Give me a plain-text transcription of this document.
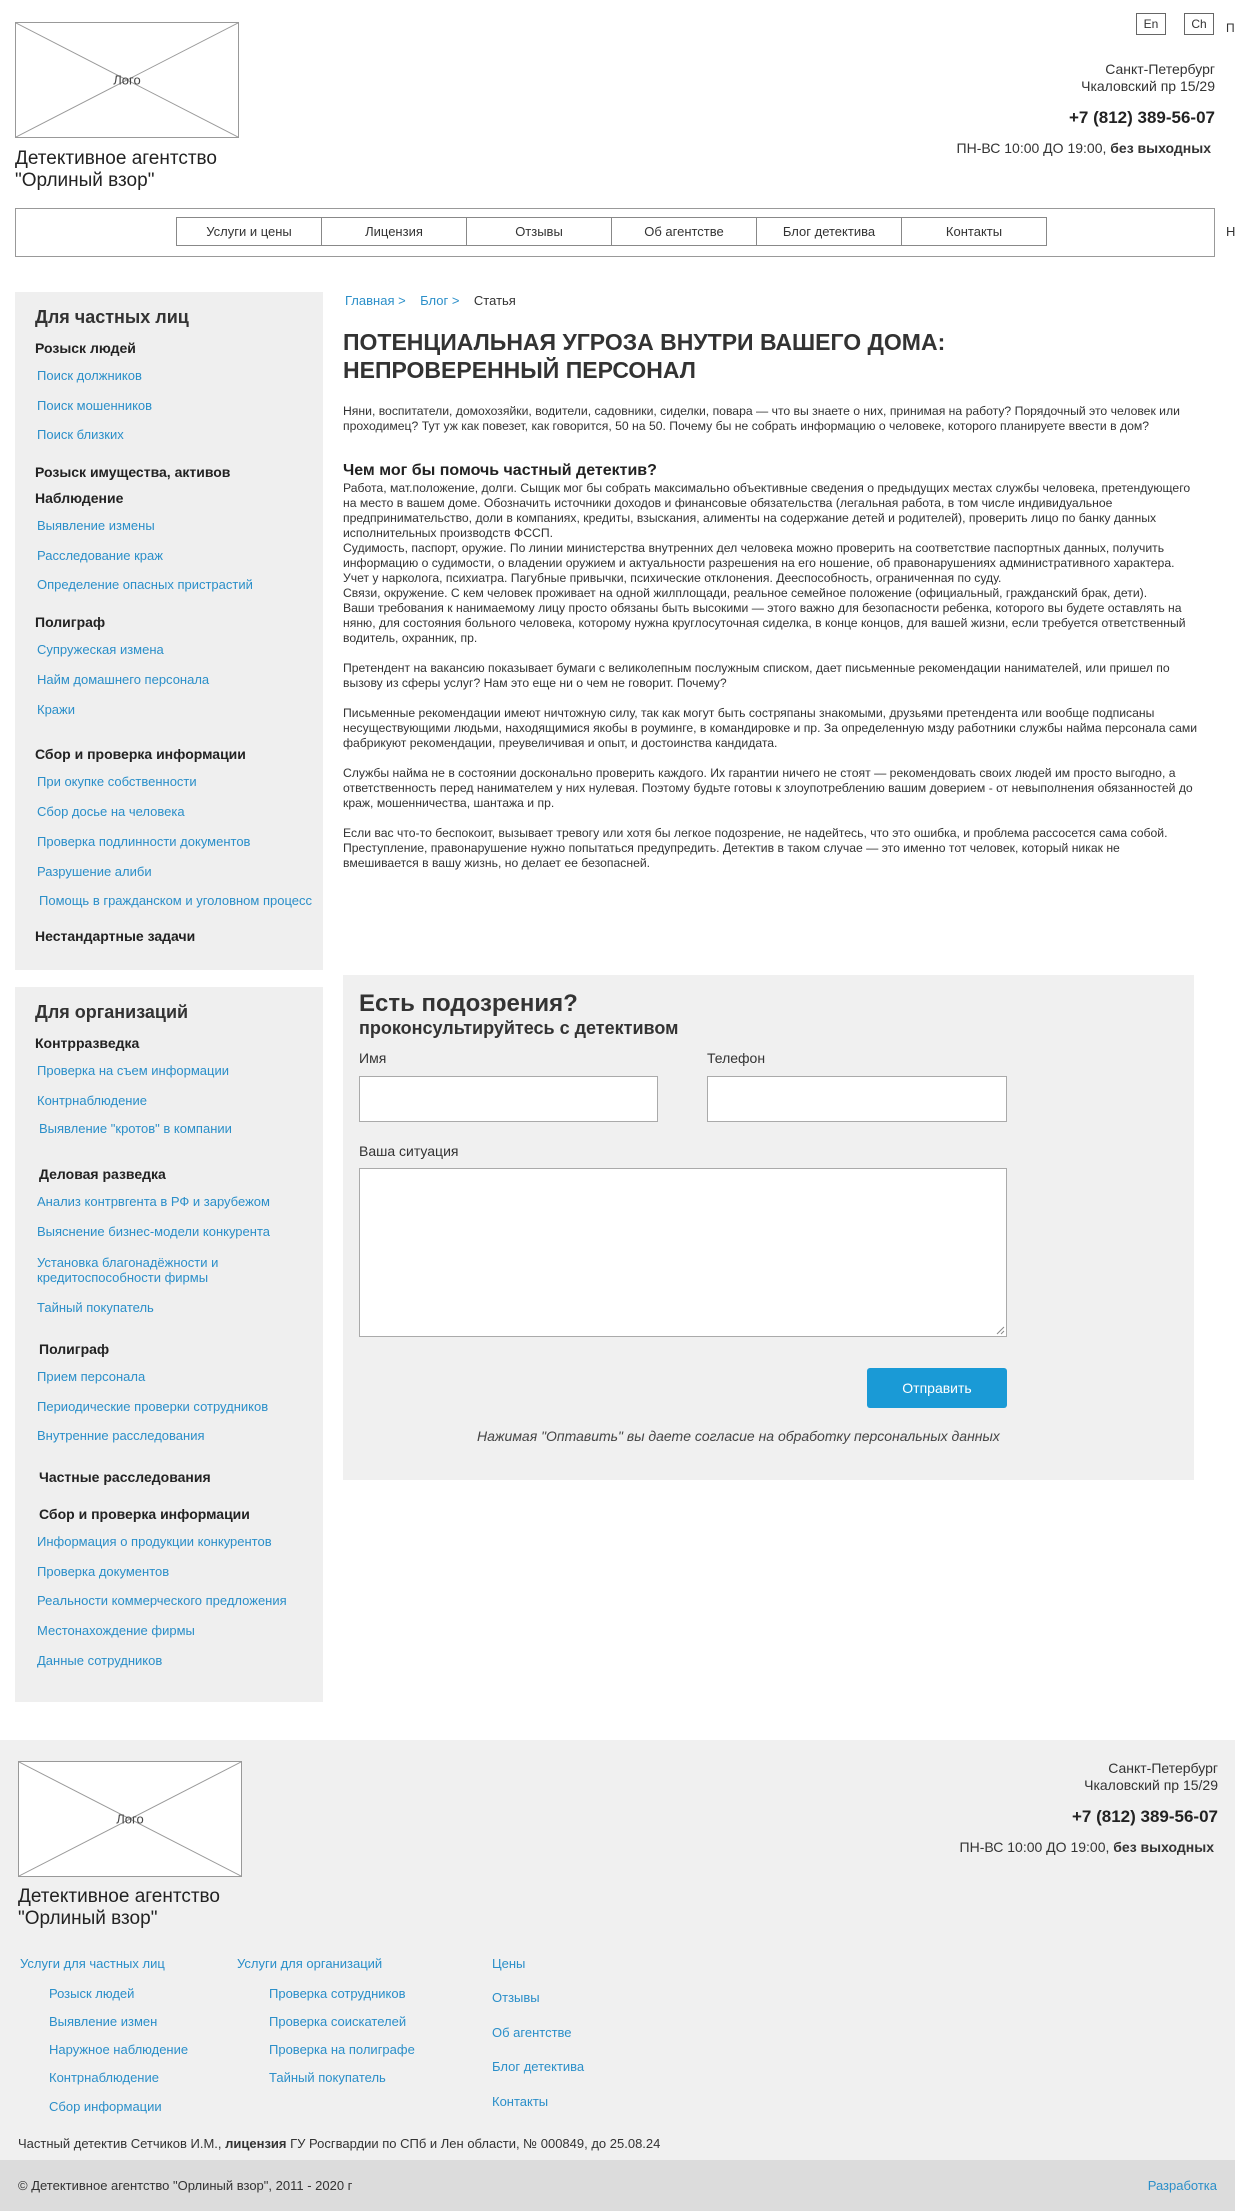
Лого
Детективное агентство
"Орлиный взор"
En	Ch	П
Санкт-Петербург
Чкаловский пр 15/29
+7 (812) 389-56-07
ПН-ВС 10:00 ДО 19:00, без выходных
Услуги и цены	Лицензия	Отзывы	Об агентстве	Блог детектива	Контакты	Н
Для частных лиц
Розыск людей
Поиск должников
Поиск мошенников
Поиск близких
Розыск имущества, активов
Наблюдение
Выявление измены
Расследование краж
Определение опасных пристрастий
Полиграф
Супружеская измена
Найм домашнего персонала
Кражи
Сбор и проверка информации
При окупке собственности
Сбор досье на человека
Проверка подлинности документов
Разрушение алиби
Помощь в гражданском и уголовном процесс
Нестандартные задачи
Для организаций
Контрразведка
Проверка на съем информации
Контрнаблюдение
Выявление "кротов" в компании
Деловая разведка
Анализ контрвгента в РФ и зарубежом
Выяснение бизнес-модели конкурента
Установка благонадёжности и кредитоспособности фирмы
Тайный покупатель
Полиграф
Прием персонала
Периодические проверки сотрудников
Внутренние расследования
Частные расследования
Сбор и проверка информации
Информация о продукции конкурентов
Проверка документов
Реальности коммерческого предложения
Местонахождение фирмы
Данные сотрудников
Главная > Блог > Статья
ПОТЕНЦИАЛЬНАЯ УГРОЗА ВНУТРИ ВАШЕГО ДОМА: НЕПРОВЕРЕННЫЙ ПЕРСОНАЛ
Няни, воспитатели, домохозяйки, водители, садовники, сиделки, повара — что вы знаете о них, принимая на работу? Порядочный это человек или проходимец? Тут уж как повезет, как говорится, 50 на 50. Почему бы не собрать информацию о человеке, которого планируете ввести в дом?
Чем мог бы помочь частный детектив?
Работа, мат.положение, долги. Сыщик мог бы собрать максимально объективные сведения о предыдущих местах службы человека, претендующего на место в вашем доме. Обозначить источники доходов и финансовые обязательства (легальная работа, в том числе индивидуальное предпринимательство, доли в компаниях, кредиты, взыскания, алименты на содержание детей и родителей), проверить лицо по банку данных исполнительных производств ФССП.
Судимость, паспорт, оружие. По линии министерства внутренних дел человека можно проверить на соответствие паспортных данных, получить информацию о судимости, о владении оружием и актуальности разрешения на его ношение, об правонарушениях административного характера.
Учет у нарколога, психиатра. Пагубные привычки, психические отклонения. Дееспособность, ограниченная по суду.
Связи, окружение. С кем человек проживает на одной жилплощади, реальное семейное положение (официальный, гражданский брак, дети).
Ваши требования к нанимаемому лицу просто обязаны быть высокими — этого важно для безопасности ребенка, которого вы будете оставлять на няню, для состояния больного человека, которому нужна круглосуточная сиделка, в конце концов, для вашей жизни, если требуется ответственный водитель, охранник, пр.
Претендент на вакансию показывает бумаги с великолепным послужным списком, дает письменные рекомендации нанимателей, или пришел по вызову из сферы услуг? Нам это еще ни о чем не говорит. Почему?
Письменные рекомендации имеют ничтожную силу, так как могут быть состряпаны знакомыми, друзьями претендента или вообще подписаны несуществующими людьми, находящимися якобы в роуминге, в командировке и пр. За определенную мзду работники службы найма персонала сами фабрикуют рекомендации, преувеличивая и опыт, и достоинства кандидата.
Службы найма не в состоянии досконально проверить каждого. Их гарантии ничего не стоят — рекомендовать своих людей им просто выгодно, а ответственность перед нанимателем у них нулевая. Поэтому будьте готовы к злоупотреблению вашим доверием - от невыполнения обязанностей до краж, мошенничества, шантажа и пр.
Если вас что-то беспокоит, вызывает тревогу или хотя бы легкое подозрение, не надейтесь, что это ошибка, и проблема рассосется сама собой. Преступление, правонарушение нужно попытаться предупредить. Детектив в таком случае — это именно тот человек, который никак не вмешивается в вашу жизнь, но делает ее безопасней.
Есть подозрения?
проконсультируйтесь с детективом
Имя	Телефон
Ваша ситуация
Отправить
Нажимая "Оптавить" вы даете согласие на обработку персональных данных
Лого
Детективное агентство
"Орлиный взор"
Санкт-Петербург
Чкаловский пр 15/29
+7 (812) 389-56-07
ПН-ВС 10:00 ДО 19:00, без выходных
Услуги для частных лиц
Розыск людей
Выявление измен
Наружное наблюдение
Контрнаблюдение
Сбор информации
Услуги для организаций
Проверка сотрудников
Проверка соискателей
Проверка на полиграфе
Тайный покупатель
Цены
Отзывы
Об агентстве
Блог детектива
Контакты
Частный детектив Сетчиков И.М., лицензия ГУ Росгвардии по СПб и Лен области, № 000849, до 25.08.24
© Детективное агентство "Орлиный взор", 2011 - 2020 г	Разработка
